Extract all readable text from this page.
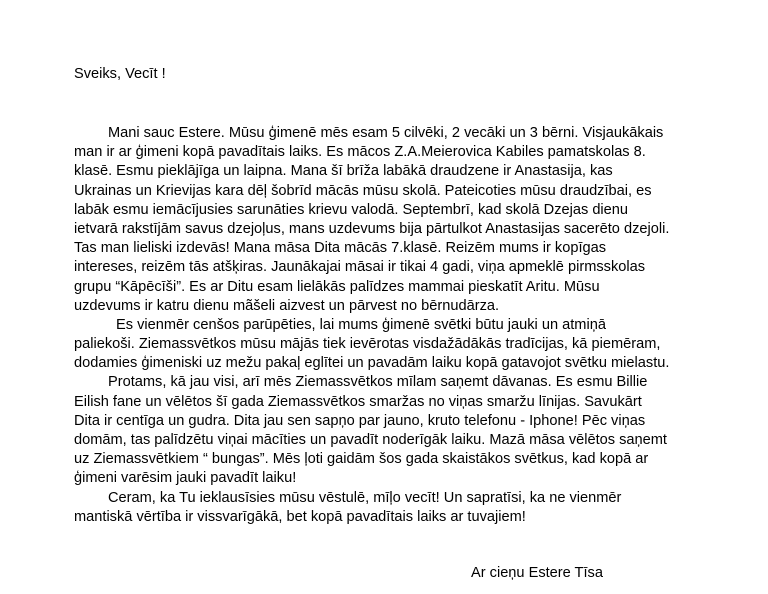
Sveiks, Vecīt !
Mani sauc Estere. Mūsu ģimenē mēs esam 5 cilvēki, 2 vecāki un 3 bērni. Visjaukākais
man ir ar ģimeni kopā pavadītais laiks. Es mācos Z.A.Meierovica Kabiles pamatskolas 8.
klasē. Esmu pieklājīga un laipna. Mana šī brīža labākā draudzene ir Anastasija, kas
Ukrainas un Krievijas kara dēļ šobrīd mācās mūsu skolā. Pateicoties mūsu draudzībai, es
labāk esmu iemācījusies sarunāties krievu valodā. Septembrī, kad skolā Dzejas dienu
ietvarā rakstījām savus dzejoļus, mans uzdevums bija pārtulkot Anastasijas sacerēto dzejoli.
Tas man lieliski izdevās! Mana māsa Dita mācās 7.klasē. Reizēm mums ir kopīgas
intereses, reizēm tās atšķiras. Jaunākajai māsai ir tikai 4 gadi, viņa apmeklē pirmsskolas
grupu “Kāpēcīši”. Es ar Ditu esam lielākās palīdzes mammai pieskatīt Aritu. Mūsu
uzdevums ir katru dienu mãšeli aizvest un pārvest no bērnudārza.
Es vienmēr cenšos parūpēties, lai mums ģimenē svētki būtu jauki un atmiņā
paliekoši. Ziemassvētkos mūsu mājās tiek ievērotas visdažādākās tradīcijas, kā piemēram,
dodamies ģimeniski uz mežu pakaļ eglītei un pavadām laiku kopā gatavojot svētku mielastu.
Protams, kā jau visi, arī mēs Ziemassvētkos mīlam saņemt dāvanas. Es esmu Billie
Eilish fane un vēlētos šī gada Ziemassvētkos smaržas no viņas smaržu līnijas. Savukārt
Dita ir centīga un gudra. Dita jau sen sapņo par jauno, kruto telefonu - Iphone! Pēc viņas
domām, tas palīdzētu viņai mācīties un pavadīt noderīgāk laiku. Mazā māsa vēlētos saņemt
uz Ziemassvētkiem “ bungas”. Mēs ļoti gaidām šos gada skaistākos svētkus, kad kopā ar
ģimeni varēsim jauki pavadīt laiku!
Ceram, ka Tu ieklausīsies mūsu vēstulē, mīļo vecīt! Un sapratīsi, ka ne vienmēr
mantiskā vērtība ir vissvarīgākā, bet kopā pavadītais laiks ar tuvajiem!
Ar cieņu Estere Tīsa
